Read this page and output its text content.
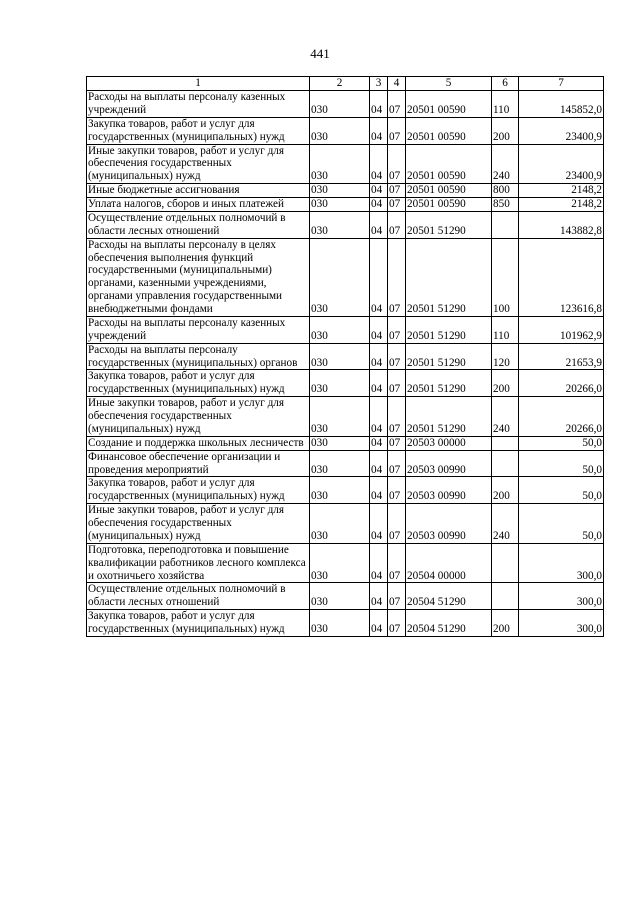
441
1	2	3	4	5	6	7
Расходы на выплаты персоналу казенных учреждений	030	04	07	20501 00590	110	145852,0
Закупка товаров, работ и услуг для государственных (муниципальных) нужд	030	04	07	20501 00590	200	23400,9
Иные закупки товаров, работ и услуг для обеспечения государственных (муниципальных) нужд	030	04	07	20501 00590	240	23400,9
Иные бюджетные ассигнования	030	04	07	20501 00590	800	2148,2
Уплата налогов, сборов и иных платежей	030	04	07	20501 00590	850	2148,2
Осуществление отдельных полномочий в области лесных отношений	030	04	07	20501 51290		143882,8
Расходы на выплаты персоналу в целях обеспечения выполнения функций государственными (муниципальными) органами, казенными учреждениями, органами управления государственными внебюджетными фондами	030	04	07	20501 51290	100	123616,8
Расходы на выплаты персоналу казенных учреждений	030	04	07	20501 51290	110	101962,9
Расходы на выплаты персоналу государственных (муниципальных) органов	030	04	07	20501 51290	120	21653,9
Закупка товаров, работ и услуг для государственных (муниципальных) нужд	030	04	07	20501 51290	200	20266,0
Иные закупки товаров, работ и услуг для обеспечения государственных (муниципальных) нужд	030	04	07	20501 51290	240	20266,0
Создание и поддержка школьных лесничеств	030	04	07	20503 00000		50,0
Финансовое обеспечение организации и проведения мероприятий	030	04	07	20503 00990		50,0
Закупка товаров, работ и услуг для государственных (муниципальных) нужд	030	04	07	20503 00990	200	50,0
Иные закупки товаров, работ и услуг для обеспечения государственных (муниципальных) нужд	030	04	07	20503 00990	240	50,0
Подготовка, переподготовка и повышение квалификации работников лесного комплекса и охотничьего хозяйства	030	04	07	20504 00000		300,0
Осуществление отдельных полномочий в области лесных отношений	030	04	07	20504 51290		300,0
Закупка товаров, работ и услуг для государственных (муниципальных) нужд	030	04	07	20504 51290	200	300,0
